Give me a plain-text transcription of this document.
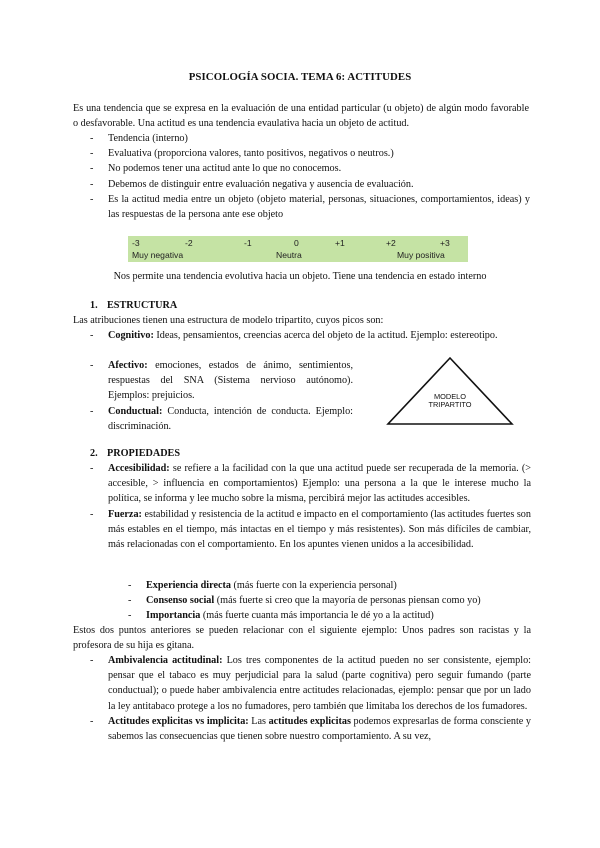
PSICOLOGÍA SOCIA. TEMA 6: ACTITUDES
Es una tendencia que se expresa en la evaluación de una entidad particular (u objeto) de algún modo favorable o desfavorable. Una actitud es una tendencia evaulativa hacia un objeto de actitud.
- Tendencia (interno)
- Evaluativa (proporciona valores, tanto positivos, negativos o neutros.)
- No podemos tener una actitud ante lo que no conocemos.
- Debemos de distinguir entre evaluación negativa y ausencia de evaluación.
- Es la actitud media entre un objeto (objeto material, personas, situaciones, comportamientos, ideas) y las respuestas de la persona ante ese objeto
-3	-2	-1	0	+1	+2	+3
Muy negativa	Neutra	Muy positiva
Nos permite una tendencia evolutiva hacia un objeto. Tiene una tendencia en estado interno
1. ESTRUCTURA
Las atribuciones tienen una estructura de modelo tripartito, cuyos picos son:
- Cognitivo: Ideas, pensamientos, creencias acerca del objeto de la actitud. Ejemplo: estereotipo.
- Afectivo: emociones, estados de ánimo, sentimientos, respuestas del SNA (Sistema nervioso autónomo). Ejemplos: prejuicios.
- Conductual: Conducta, intención de conducta. Ejemplo: discriminación.
MODELO
TRIPARTITO
2. PROPIEDADES
- Accesibilidad: se refiere a la facilidad con la que una actitud puede ser recuperada de la memoria. (> accesible, > influencia en comportamientos) Ejemplo: una persona a la que le interese mucho la política, se informa y lee mucho sobre la misma, percibirá mejor las actitudes accesibles.
- Fuerza: estabilidad y resistencia de la actitud e impacto en el comportamiento (las actitudes fuertes son más estables en el tiempo, más intactas en el tiempo y más resistentes). Son más difíciles de cambiar, más relacionadas con el comportamiento. En los apuntes vienen unidos a la accesibilidad.
- Experiencia directa (más fuerte con la experiencia personal)
- Consenso social (más fuerte si creo que la mayoría de personas piensan como yo)
- Importancia (más fuerte cuanta más importancia le dé yo a la actitud)
Estos dos puntos anteriores se pueden relacionar con el siguiente ejemplo: Unos padres son racistas y la profesora de su hija es gitana.
- Ambivalencia actitudinal: Los tres componentes de la actitud pueden no ser consistente, ejemplo: pensar que el tabaco es muy perjudicial para la salud (parte cognitiva) pero seguir fumando (parte conductual); o puede haber ambivalencia entre actitudes relacionadas, ejemplo: pensar que por un lado la ley antitabaco protege a los no fumadores, pero también que limitaba los derechos de los fumadores.
- Actitudes explicitas vs implicita: Las actitudes explicitas podemos expresarlas de forma consciente y sabemos las consecuencias que tienen sobre nuestro comportamiento. A su vez,
